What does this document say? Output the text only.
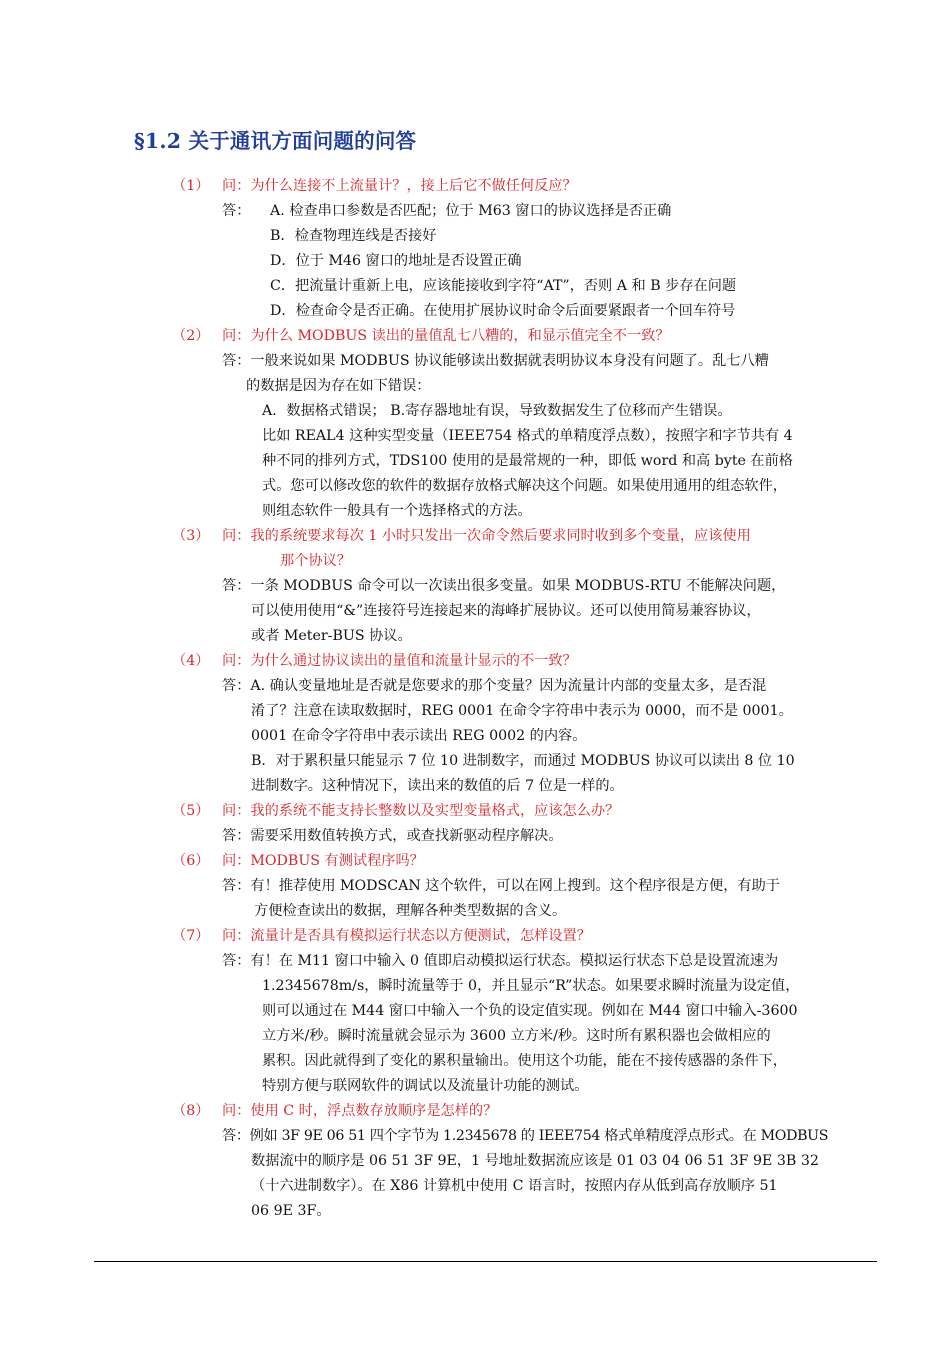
§1.2 关于通讯方面问题的问答
（1） 问：为什么连接不上流量计？，接上后它不做任何反应？
答： A. 检查串口参数是否匹配；位于 M63 窗口的协议选择是否正确
B．检查物理连线是否接好
D．位于 M46 窗口的地址是否设置正确
C．把流量计重新上电，应该能接收到字符“AT”，否则 A 和 B 步存在问题
D．检查命令是否正确。在使用扩展协议时命令后面要紧跟者一个回车符号
（2） 问：为什么 MODBUS 读出的量值乱七八糟的，和显示值完全不一致？
答：一般来说如果 MODBUS 协议能够读出数据就表明协议本身没有问题了。乱七八糟
的数据是因为存在如下错误：
A．数据格式错误； B.寄存器地址有误，导致数据发生了位移而产生错误。
比如 REAL4 这种实型变量（IEEE754 格式的单精度浮点数），按照字和字节共有 4
种不同的排列方式，TDS100 使用的是最常规的一种，即低 word 和高 byte 在前格
式。您可以修改您的软件的数据存放格式解决这个问题。如果使用通用的组态软件，
则组态软件一般具有一个选择格式的方法。
（3） 问：我的系统要求每次 1 小时只发出一次命令然后要求同时收到多个变量，应该使用
那个协议？
答：一条 MODBUS 命令可以一次读出很多变量。如果 MODBUS-RTU 不能解决问题，
可以使用使用“&”连接符号连接起来的海峰扩展协议。还可以使用简易兼容协议，
或者 Meter-BUS 协议。
（4） 问：为什么通过协议读出的量值和流量计显示的不一致？
答：A. 确认变量地址是否就是您要求的那个变量？因为流量计内部的变量太多，是否混
淆了？注意在读取数据时，REG 0001 在命令字符串中表示为 0000，而不是 0001。
0001 在命令字符串中表示读出 REG 0002 的内容。
B．对于累积量只能显示 7 位 10 进制数字，而通过 MODBUS 协议可以读出 8 位 10
进制数字。这种情况下，读出来的数值的后 7 位是一样的。
（5） 问：我的系统不能支持长整数以及实型变量格式，应该怎么办？
答：需要采用数值转换方式，或查找新驱动程序解决。
（6） 问：MODBUS 有测试程序吗？
答：有！推荐使用 MODSCAN 这个软件，可以在网上搜到。这个程序很是方便，有助于
方便检查读出的数据，理解各种类型数据的含义。
（7） 问：流量计是否具有模拟运行状态以方便测试，怎样设置？
答：有！在 M11 窗口中输入 0 值即启动模拟运行状态。模拟运行状态下总是设置流速为
1.2345678m/s，瞬时流量等于 0，并且显示“R”状态。如果要求瞬时流量为设定值，
则可以通过在 M44 窗口中输入一个负的设定值实现。例如在 M44 窗口中输入-3600
立方米/秒。瞬时流量就会显示为 3600 立方米/秒。这时所有累积器也会做相应的
累积。因此就得到了变化的累积量输出。使用这个功能，能在不接传感器的条件下，
特别方便与联网软件的调试以及流量计功能的测试。
（8） 问：使用 C 时，浮点数存放顺序是怎样的？
答：例如 3F 9E 06 51 四个字节为 1.2345678 的 IEEE754 格式单精度浮点形式。在 MODBUS
数据流中的顺序是 06 51 3F 9E，1 号地址数据流应该是 01 03 04 06 51 3F 9E 3B 32
（十六进制数字）。在 X86 计算机中使用 C 语言时，按照内存从低到高存放顺序 51
06 9E 3F。
